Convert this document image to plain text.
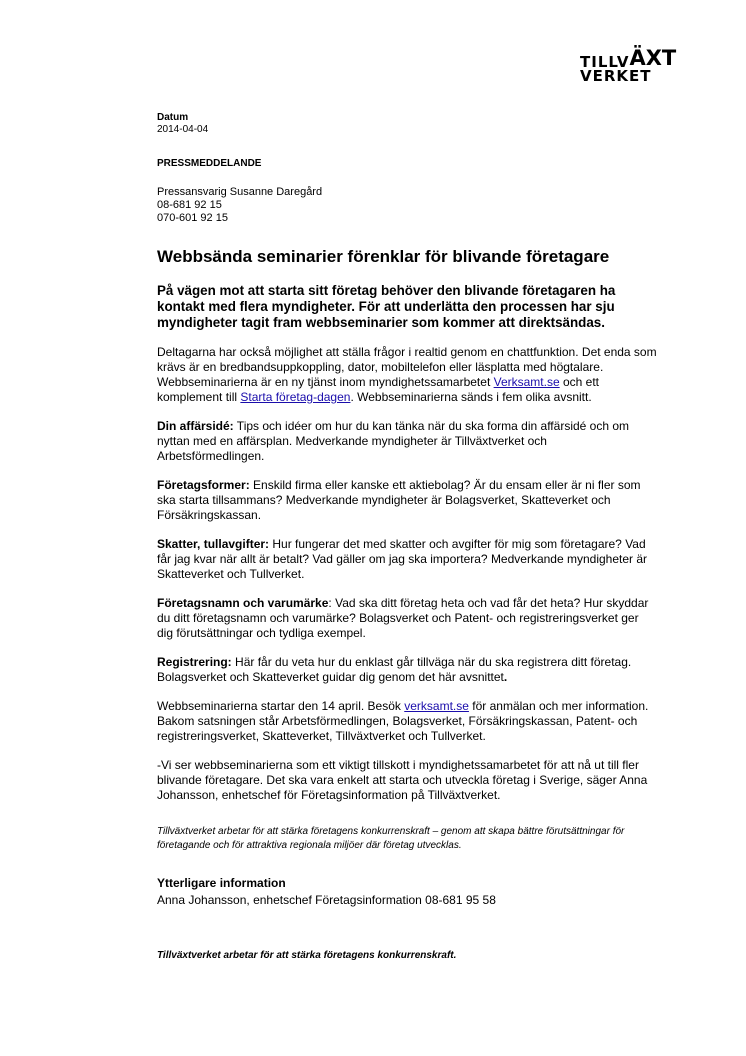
TILLVÄXT
VERKET

Datum

2014-04-04

PRESSMEDDELANDE

Pressansvarig Susanne Daregård

08-681 92 15

070-601 92 15

Webbsända seminarier förenklar för blivande företagare

På vägen mot att starta sitt företag behöver den blivande företagaren ha kontakt med flera myndigheter. För att underlätta den processen har sju myndigheter tagit fram webbseminarier som kommer att direktsändas.

Deltagarna har också möjlighet att ställa frågor i realtid genom en chattfunktion. Det enda som krävs är en bredbandsuppkoppling, dator, mobiltelefon eller läsplatta med högtalare. Webbseminarierna är en ny tjänst inom myndighetssamarbetet Verksamt.se och ett komplement till Starta företag-dagen. Webbseminarierna sänds i fem olika avsnitt.

Din affärsidé: Tips och idéer om hur du kan tänka när du ska forma din affärsidé och om nyttan med en affärsplan. Medverkande myndigheter är Tillväxtverket och Arbetsförmedlingen.

Företagsformer: Enskild firma eller kanske ett aktiebolag? Är du ensam eller är ni fler som ska starta tillsammans? Medverkande myndigheter är Bolagsverket, Skatteverket och Försäkringskassan.

Skatter, tullavgifter: Hur fungerar det med skatter och avgifter för mig som företagare? Vad får jag kvar när allt är betalt? Vad gäller om jag ska importera? Medverkande myndigheter är Skatteverket och Tullverket.

Företagsnamn och varumärke: Vad ska ditt företag heta och vad får det heta? Hur skyddar du ditt företagsnamn och varumärke? Bolagsverket och Patent- och registreringsverket ger dig förutsättningar och tydliga exempel.

Registrering: Här får du veta hur du enklast går tillväga när du ska registrera ditt företag. Bolagsverket och Skatteverket guidar dig genom det här avsnittet.

Webbseminarierna startar den 14 april. Besök verksamt.se för anmälan och mer information. Bakom satsningen står Arbetsförmedlingen, Bolagsverket, Försäkringskassan, Patent- och registreringsverket, Skatteverket, Tillväxtverket och Tullverket.

-Vi ser webbseminarierna som ett viktigt tillskott i myndighetssamarbetet för att nå ut till fler blivande företagare. Det ska vara enkelt att starta och utveckla företag i Sverige, säger Anna Johansson, enhetschef för Företagsinformation på Tillväxtverket.

Tillväxtverket arbetar för att stärka företagens konkurrenskraft – genom att skapa bättre förutsättningar för företagande och för attraktiva regionala miljöer där företag utvecklas.

Ytterligare information

Anna Johansson, enhetschef Företagsinformation 08-681 95 58

Tillväxtverket arbetar för att stärka företagens konkurrenskraft.
